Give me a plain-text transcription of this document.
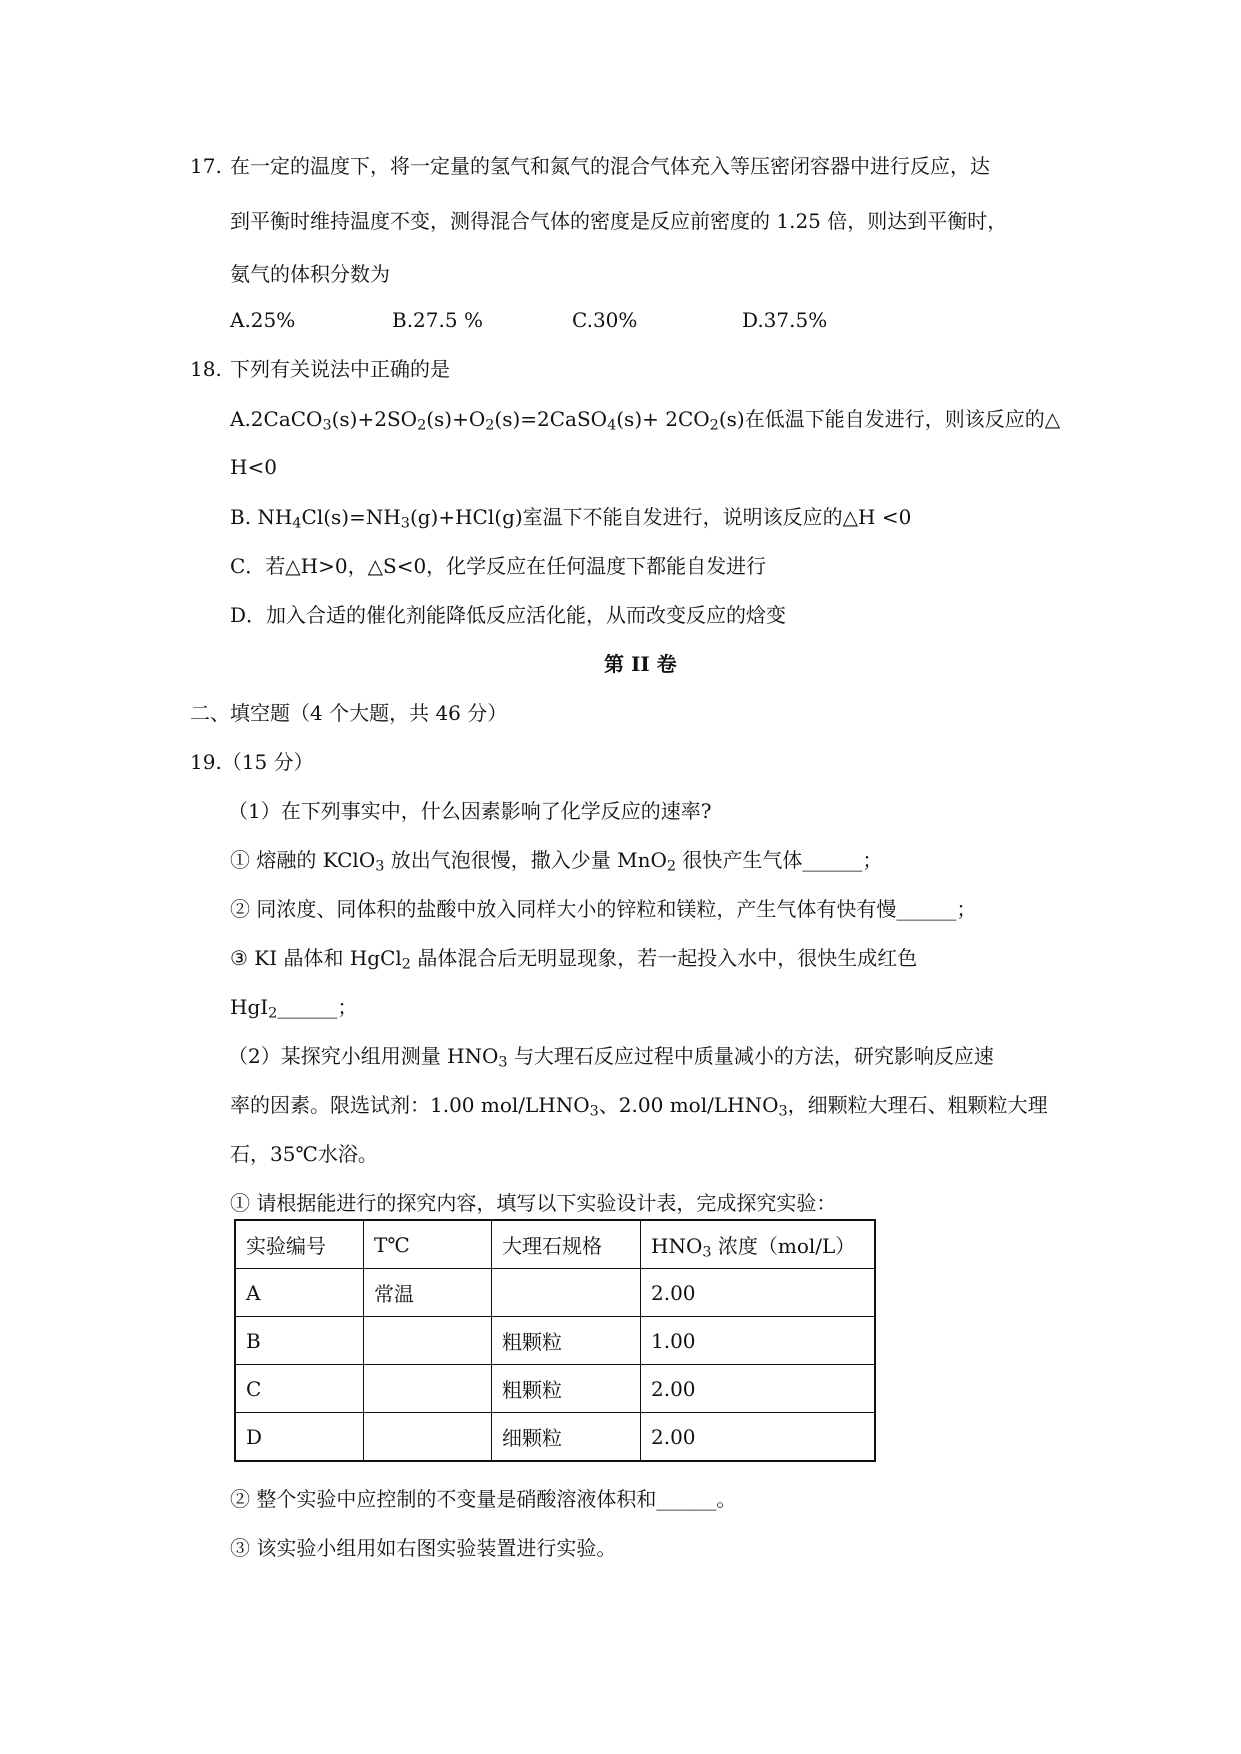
17. 在一定的温度下，将一定量的氢气和氮气的混合气体充入等压密闭容器中进行反应，达
到平衡时维持温度不变，测得混合气体的密度是反应前密度的 1.25 倍，则达到平衡时，
氨气的体积分数为
A.25%	B.27.5 %	C.30%	D.37.5%
18. 下列有关说法中正确的是
$A.2CaCO_3(s)+2SO_2(s)+O_2(s)=2CaSO_4(s)+ 2CO_2(s)$在低温下能自发进行，则该反应的△
H<0
B. $NH_4Cl(s)=NH_3(g)+HCl(g)$室温下不能自发进行，说明该反应的△H <0
C．若△H>0，△S<0，化学反应在任何温度下都能自发进行
D．加入合适的催化剂能降低反应活化能，从而改变反应的焓变
第 II 卷
二、填空题（4 个大题，共 46 分）
19.（15 分）
（1）在下列事实中，什么因素影响了化学反应的速率?
① 熔融的 KClO$_3$ 放出气泡很慢，撒入少量 MnO$_2$ 很快产生气体______；
② 同浓度、同体积的盐酸中放入同样大小的锌粒和镁粒，产生气体有快有慢______；
③ KI 晶体和 HgCl$_2$ 晶体混合后无明显现象，若一起投入水中，很快生成红色
HgI$_2$______；
（2）某探究小组用测量 $HNO_3$ 与大理石反应过程中质量减小的方法，研究影响反应速
率的因素。限选试剂：1.00 mol/$LHNO_3$、2.00 mol/$LHNO_3$，细颗粒大理石、粗颗粒大理
石，35℃水浴。
① 请根据能进行的探究内容，填写以下实验设计表，完成探究实验：
实验编号	T℃	大理石规格	$HNO_3$ 浓度（mol/L）
A	常温		2.00
B		粗颗粒	1.00
C		粗颗粒	2.00
D		细颗粒	2.00
② 整个实验中应控制的不变量是硝酸溶液体积和______。
③ 该实验小组用如右图实验装置进行实验。
